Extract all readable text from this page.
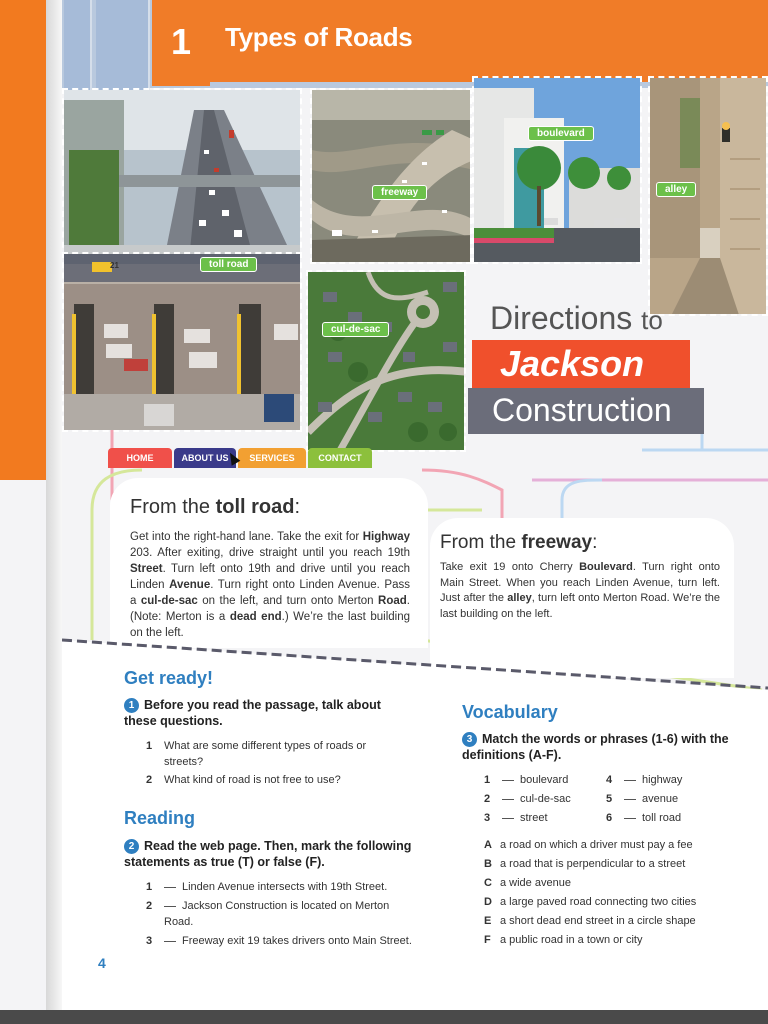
1	Types of Roads
toll road
freeway
boulevard
alley
cul-de-sac
21
Directions to
Jackson
Construction
HOME	ABOUT US	SERVICES	CONTACT
From the toll road:

Get into the right-hand lane. Take the exit for Highway 203. After exiting, drive straight until you reach 19th Street. Turn left onto 19th and drive until you reach Linden Avenue. Turn right onto Linden Avenue. Pass a cul-de-sac on the left, and turn onto Merton Road. (Note: Merton is a dead end.) We’re the last building on the left.

From the freeway:

Take exit 19 onto Cherry Boulevard. Turn right onto Main Street. When you reach Linden Avenue, turn left. Just after the alley, turn left onto Merton Road. We’re the last building on the left.

Get ready!
1 Before you read the passage, talk about these questions.
1 What are some different types of roads or streets?
2 What kind of road is not free to use?
Reading
2 Read the web page. Then, mark the following statements as true (T) or false (F).
1	Linden Avenue intersects with 19th Street.
2	Jackson Construction is located on Merton Road.
3	Freeway exit 19 takes drivers onto Main Street.
Vocabulary
3 Match the words or phrases (1-6) with the definitions (A-F).
1	boulevard
2	cul-de-sac
3	street
4	highway
5	avenue
6	toll road
A a road on which a driver must pay a fee
B a road that is perpendicular to a street
C a wide avenue
D a large paved road connecting two cities
E a short dead end street in a circle shape
F a public road in a town or city
4
